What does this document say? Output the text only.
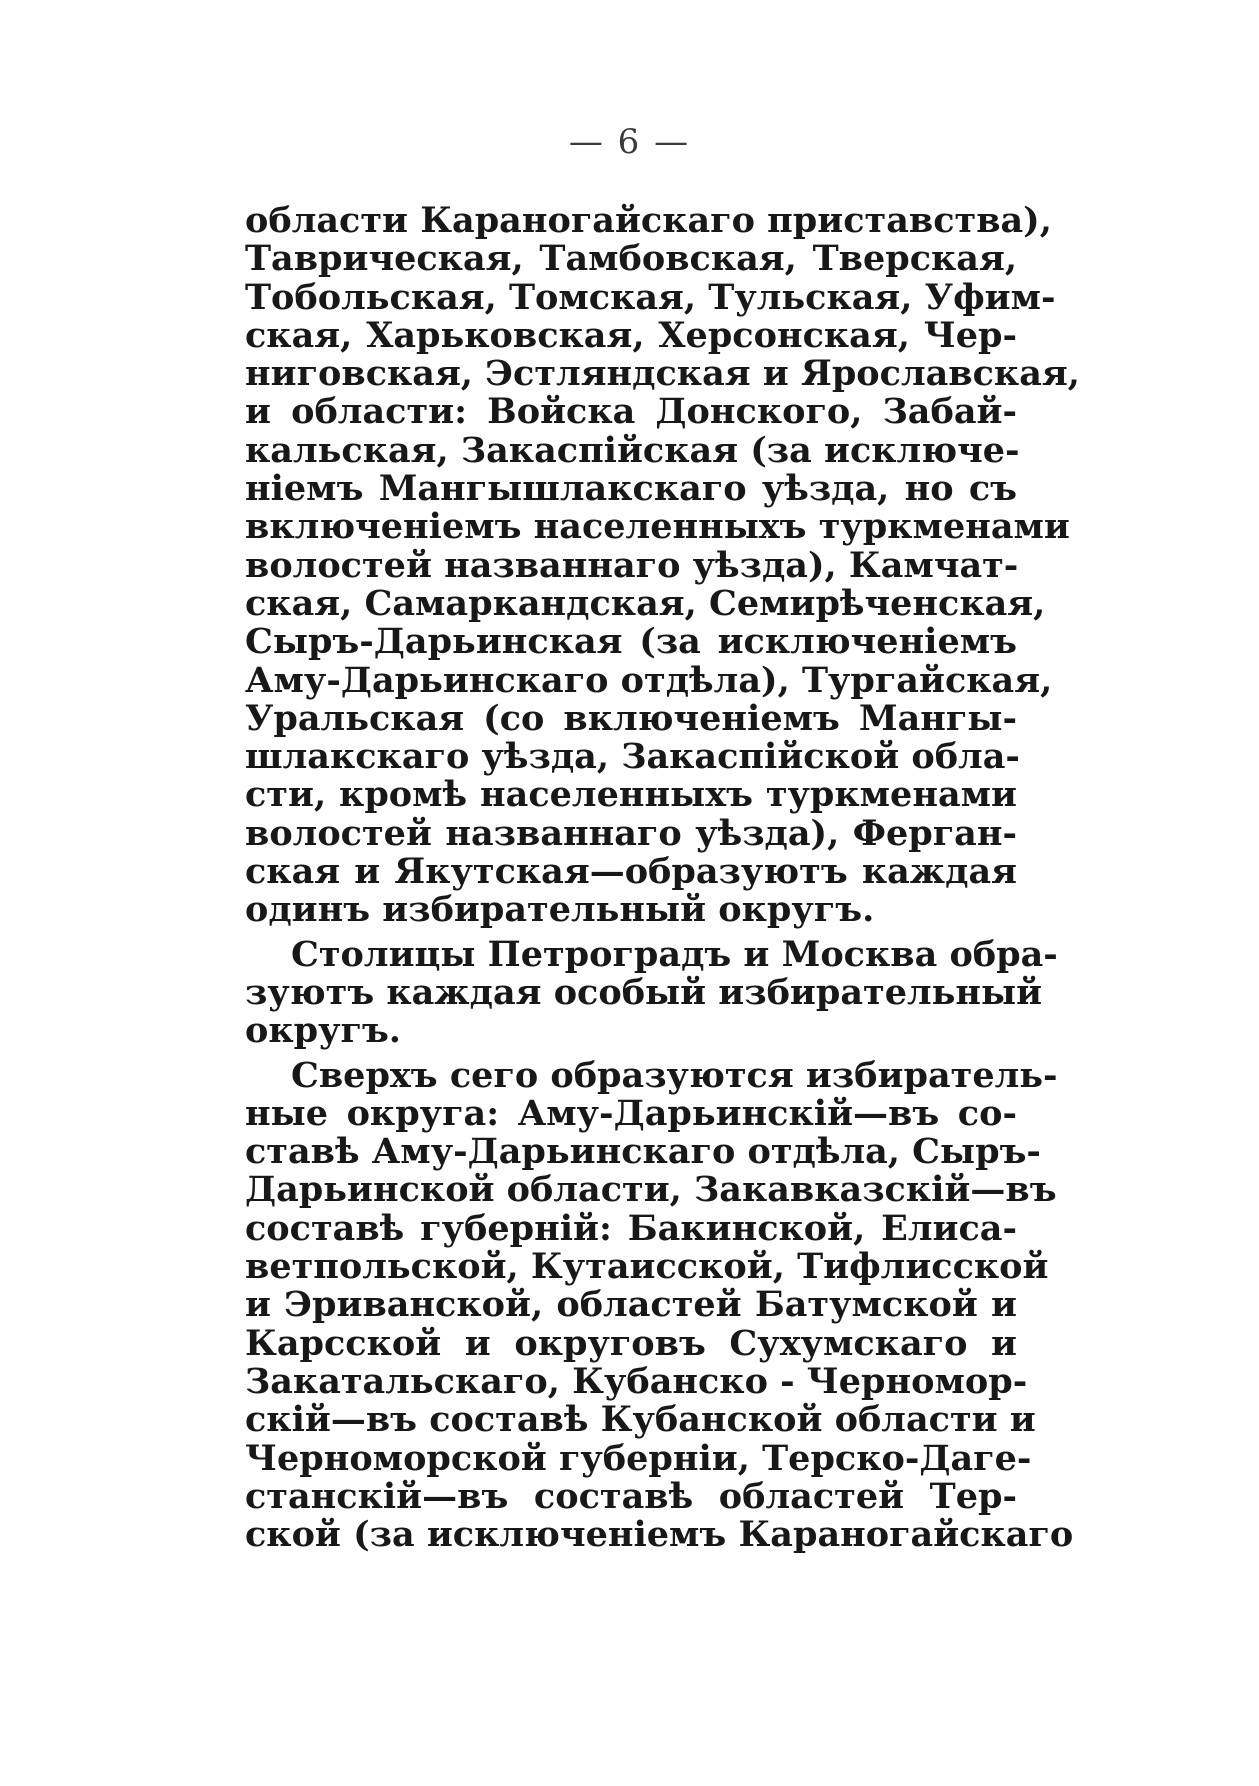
— 6 —
области Караногайскаго приставства),
Таврическая, Тамбовская, Тверская,
Тобольская, Томская, Тульская, Уфим-
ская, Харьковская, Херсонская, Чер-
ниговская, Эстляндская и Ярославская,
и области: Войска Донского, Забай-
кальская, Закаспійская (за исключе-
ніемъ Мангышлакскаго уѣзда, но съ
включеніемъ населенныхъ туркменами
волостей названнаго уѣзда), Камчат-
ская, Самаркандская, Семирѣченская,
Сыръ-Дарьинская (за исключеніемъ
Аму-Дарьинскаго отдѣла), Тургайская,
Уральская (со включеніемъ Мангы-
шлакскаго уѣзда, Закаспійской обла-
сти, кромѣ населенныхъ туркменами
волостей названнаго уѣзда), Ферган-
ская и Якутская—образуютъ каждая
одинъ избирательный округъ.
Столицы Петроградъ и Москва обра-
зуютъ каждая особый избирательный
округъ.
Сверхъ сего образуются избиратель-
ные округа: Аму-Дарьинскій—въ со-
ставѣ Аму-Дарьинскаго отдѣла, Сыръ-
Дарьинской области, Закавказскій—въ
составѣ губерній: Бакинской, Елиса-
ветпольской, Кутаисской, Тифлисской
и Эриванской, областей Батумской и
Карсской и округовъ Сухумскаго и
Закатальскаго, Кубанско - Черномор-
скій—въ составѣ Кубанской области и
Черноморской губерніи, Терско-Даге-
станскій—въ составѣ областей Тер-
ской (за исключеніемъ Караногайскаго
